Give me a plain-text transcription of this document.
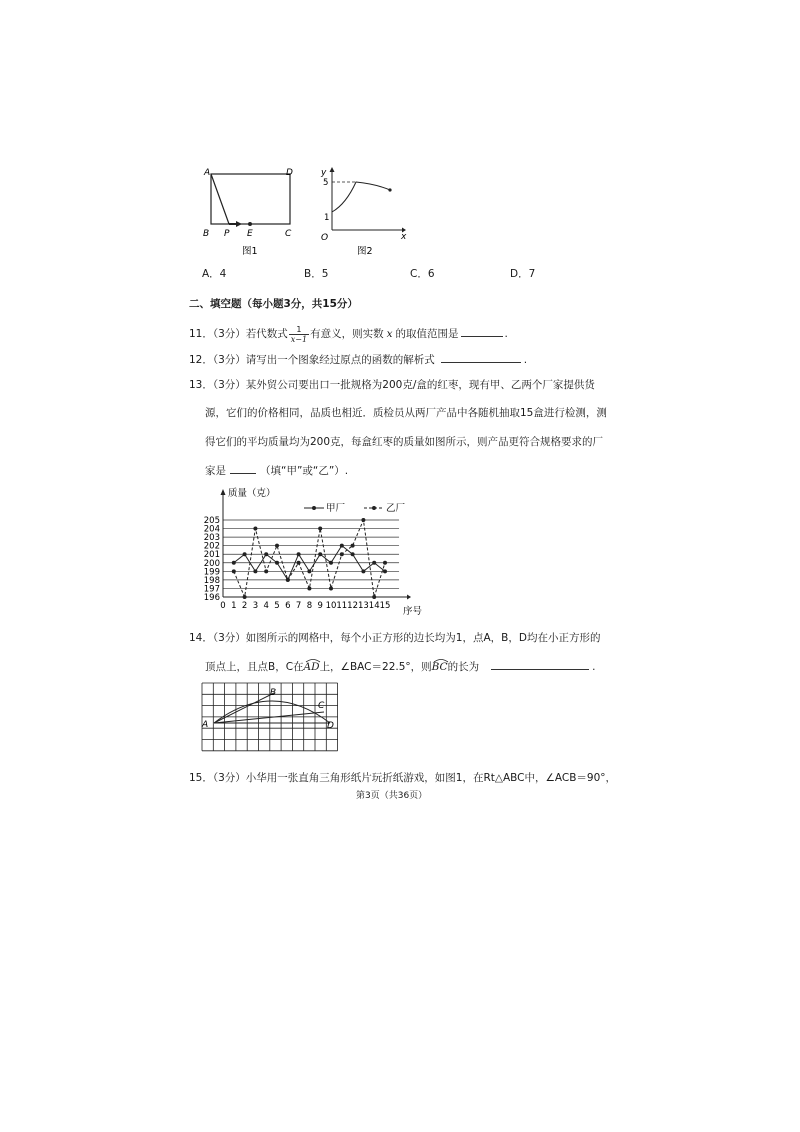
A	D
B P E	C
图1
y
x
O
5
1
图2
A．4	B．5	C．6	D．7
二、填空题（每小题3分，共15分）
11．（3分）若代数式 $\frac{1}{x-1}$ 有意义，则实数 x 的取值范围是	.
12．（3分）请写出一个图象经过原点的函数的解析式	.
13．（3分）某外贸公司要出口一批规格为200克/盒的红枣，现有甲、乙两个厂家提供货
源，它们的价格相同，品质也相近．质检员从两厂产品中各随机抽取15盒进行检测，测
得它们的平均质量均为200克，每盒红枣的质量如图所示，则产品更符合规格要求的厂
家是	（填“甲”或“乙”）.
196
197
198
199
200
201
202
203
204
205
0 1 2 3 4 5 6 7 8 9 10 11 12 13 14 15
质量（克）
序号
甲厂	乙厂
14．（3分）如图所示的网格中，每个小正方形的边长均为1，点A，B，D均在小正方形的
顶点上，且点B，C在AD
上，∠BAC＝22.5°，则BC
的长为	.
A
B
C
D
15．（3分）小华用一张直角三角形纸片玩折纸游戏，如图1，在Rt△ABC中，∠ACB＝90°，
第3页（共36页）
